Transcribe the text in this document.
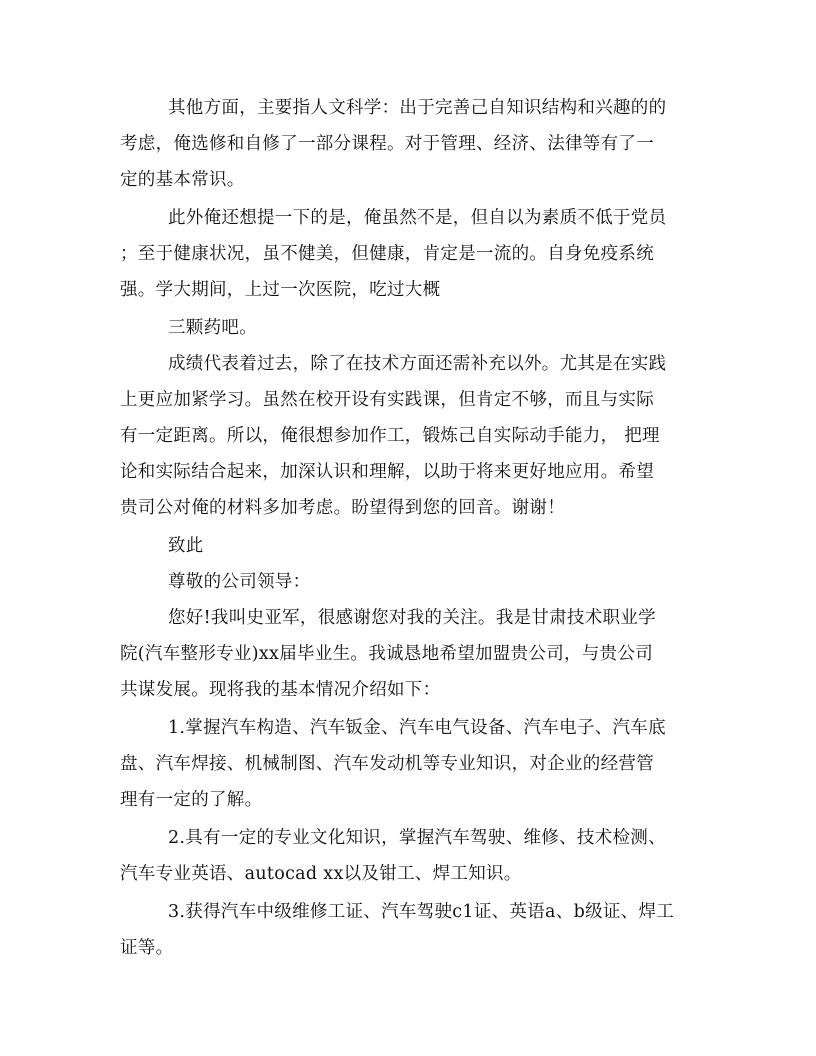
其他方面，主要指人文科学：出于完善己自知识结构和兴趣的的
考虑，俺选修和自修了一部分课程。对于管理、经济、法律等有了一
定的基本常识。
此外俺还想提一下的是，俺虽然不是，但自以为素质不低于党员
；至于健康状况，虽不健美，但健康，肯定是一流的。自身免疫系统
强。学大期间，上过一次医院，吃过大概
三颗药吧。
成绩代表着过去，除了在技术方面还需补充以外。尤其是在实践
上更应加紧学习。虽然在校开设有实践课，但肯定不够，而且与实际
有一定距离。所以，俺很想参加作工，锻炼己自实际动手能力， 把理
论和实际结合起来，加深认识和理解，以助于将来更好地应用。希望
贵司公对俺的材料多加考虑。盼望得到您的回音。谢谢！
致此
尊敬的公司领导：
您好!我叫史亚军，很感谢您对我的关注。我是甘肃技术职业学
院(汽车整形专业)xx届毕业生。我诚恳地希望加盟贵公司，与贵公司
共谋发展。现将我的基本情况介绍如下：
1.掌握汽车构造、汽车钣金、汽车电气设备、汽车电子、汽车底
盘、汽车焊接、机械制图、汽车发动机等专业知识，对企业的经营管
理有一定的了解。
2.具有一定的专业文化知识，掌握汽车驾驶、维修、技术检测、
汽车专业英语、autocad xx以及钳工、焊工知识。
3.获得汽车中级维修工证、汽车驾驶c1证、英语a、b级证、焊工
证等。
